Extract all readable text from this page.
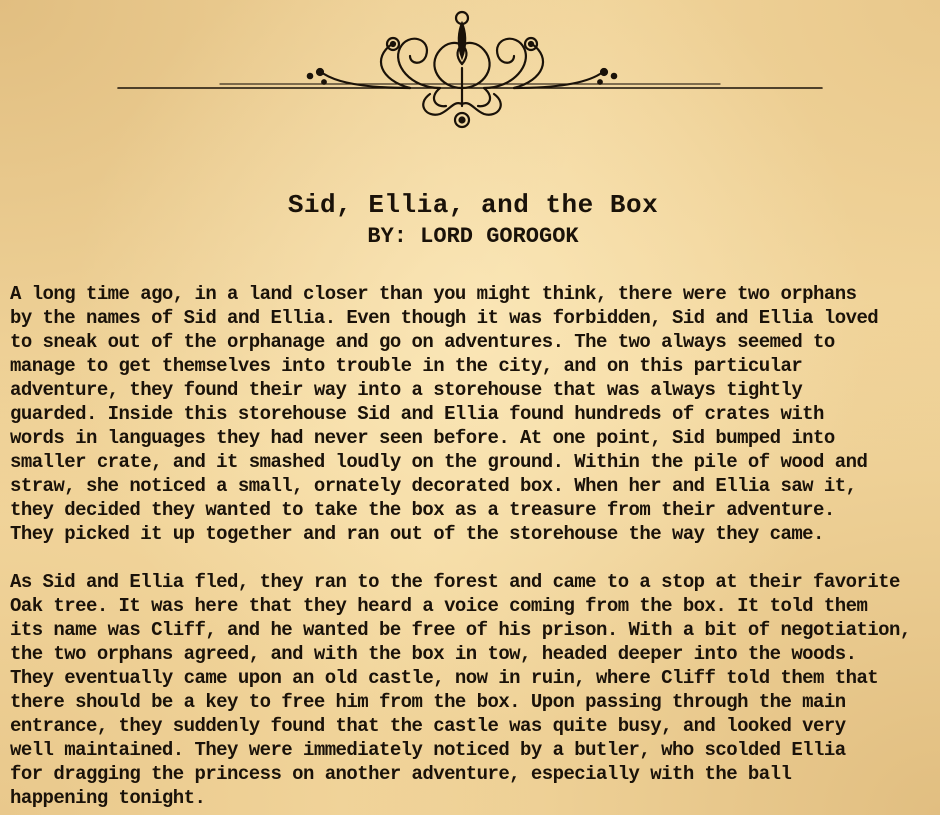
Sid, Ellia, and the Box

BY: LORD GOROGOK

A long time ago, in a land closer than you might think, there were two orphans
by the names of Sid and Ellia. Even though it was forbidden, Sid and Ellia loved
to sneak out of the orphanage and go on adventures. The two always seemed to
manage to get themselves into trouble in the city, and on this particular
adventure, they found their way into a storehouse that was always tightly
guarded. Inside this storehouse Sid and Ellia found hundreds of crates with
words in languages they had never seen before. At one point, Sid bumped into
smaller crate, and it smashed loudly on the ground. Within the pile of wood and
straw, she noticed a small, ornately decorated box. When her and Ellia saw it,
they decided they wanted to take the box as a treasure from their adventure.
They picked it up together and ran out of the storehouse the way they came.

As Sid and Ellia fled, they ran to the forest and came to a stop at their favorite
Oak tree. It was here that they heard a voice coming from the box. It told them
its name was Cliff, and he wanted be free of his prison. With a bit of negotiation,
the two orphans agreed, and with the box in tow, headed deeper into the woods.
They eventually came upon an old castle, now in ruin, where Cliff told them that
there should be a key to free him from the box. Upon passing through the main
entrance, they suddenly found that the castle was quite busy, and looked very
well maintained. They were immediately noticed by a butler, who scolded Ellia
for dragging the princess on another adventure, especially with the ball
happening tonight.
